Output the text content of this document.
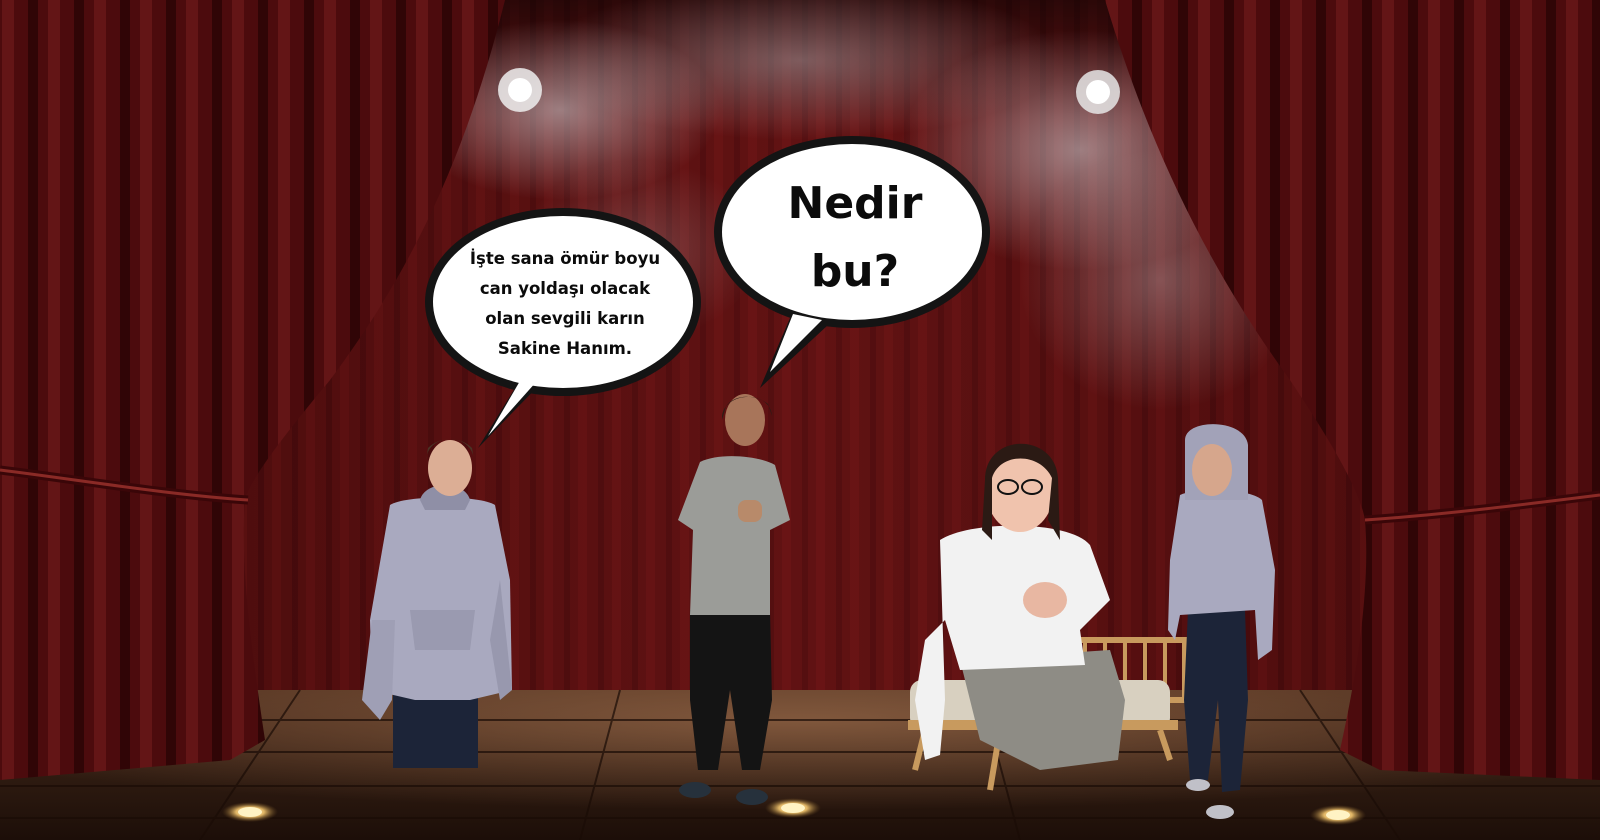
İşte sana ömür boyu
can yoldaşı olacak
olan sevgili karın
Sakine Hanım.
Nedir
bu?
